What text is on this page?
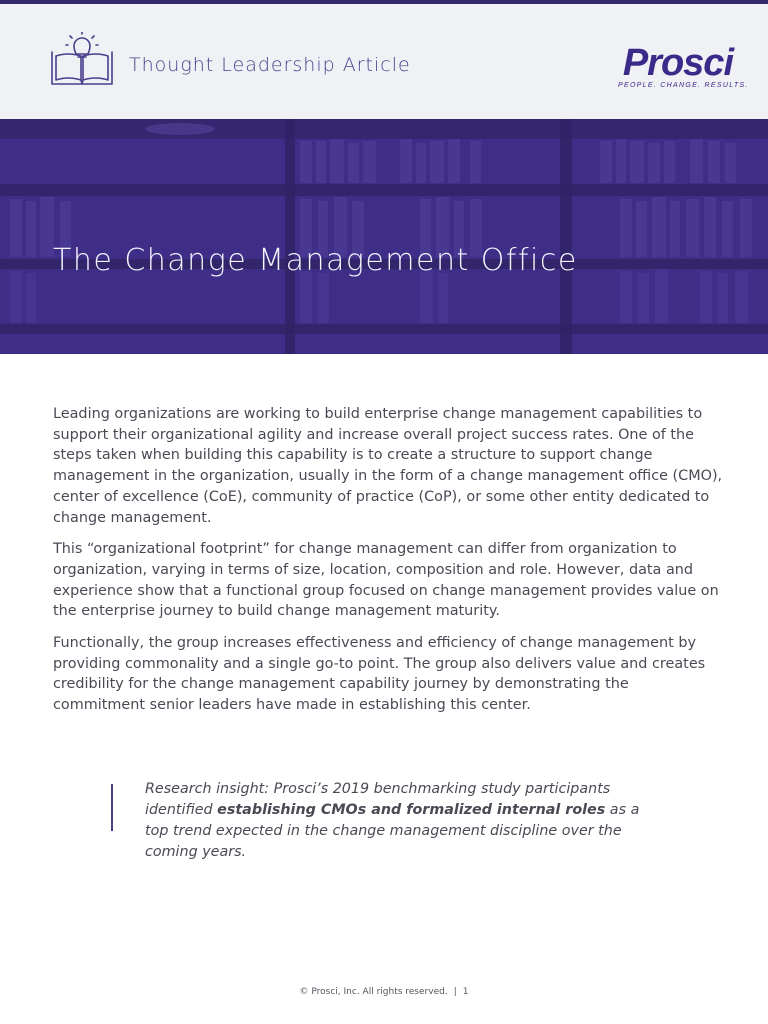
Thought Leadership Article	Prosci
PEOPLE. CHANGE. RESULTS.
The Change Management Office

Leading organizations are working to build enterprise change management capabilities to support their organizational agility and increase overall project success rates. One of the steps taken when building this capability is to create a structure to support change management in the organization, usually in the form of a change management office (CMO), center of excellence (CoE), community of practice (CoP), or some other entity dedicated to change management.

This “organizational footprint” for change management can differ from organization to organization, varying in terms of size, location, composition and role. However, data and experience show that a functional group focused on change management provides value on the enterprise journey to build change management maturity.

Functionally, the group increases effectiveness and efficiency of change management by providing commonality and a single go-to point. The group also delivers value and creates credibility for the change management capability journey by demonstrating the commitment senior leaders have made in establishing this center.

Research insight: Prosci’s 2019 benchmarking study participants identified establishing CMOs and formalized internal roles as a top trend expected in the change management discipline over the coming years.
© Prosci, Inc. All rights reserved. | 1
